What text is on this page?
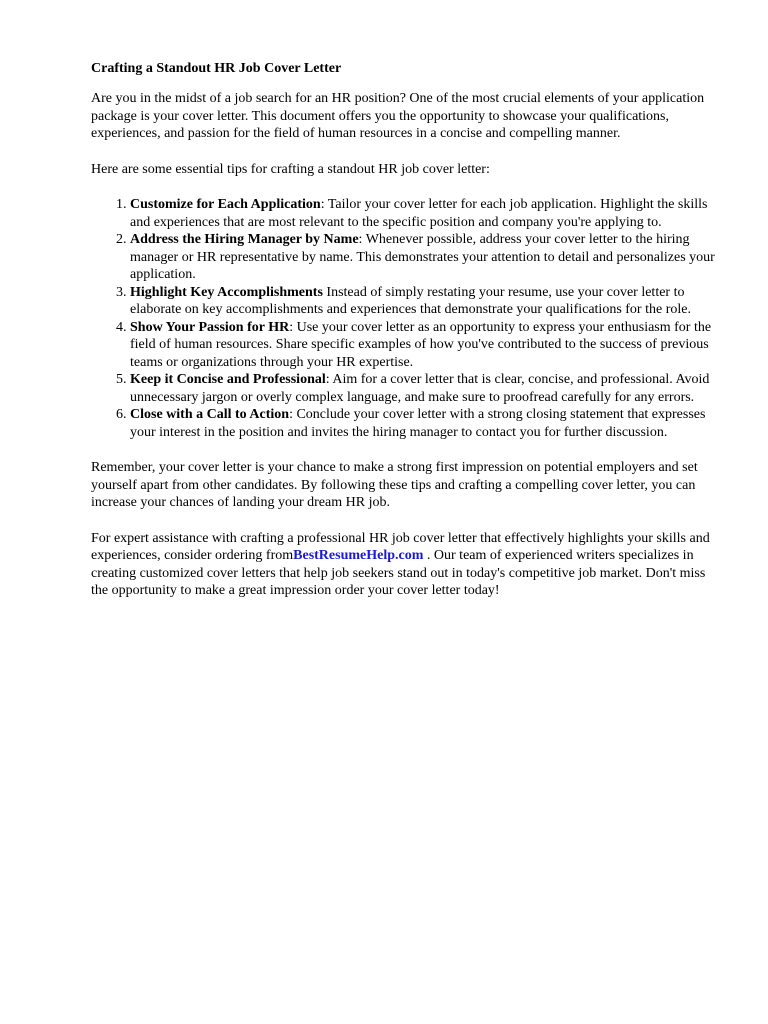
Crafting a Standout HR Job Cover Letter

Are you in the midst of a job search for an HR position? One of the most crucial elements of your application package is your cover letter. This document offers you the opportunity to showcase your qualifications, experiences, and passion for the field of human resources in a concise and compelling manner.

Here are some essential tips for crafting a standout HR job cover letter:

1. Customize for Each Application: Tailor your cover letter for each job application. Highlight the skills and experiences that are most relevant to the specific position and company you're applying to.
2. Address the Hiring Manager by Name: Whenever possible, address your cover letter to the hiring manager or HR representative by name. This demonstrates your attention to detail and personalizes your application.
3. Highlight Key Accomplishments Instead of simply restating your resume, use your cover letter to elaborate on key accomplishments and experiences that demonstrate your qualifications for the role.
4. Show Your Passion for HR: Use your cover letter as an opportunity to express your enthusiasm for the field of human resources. Share specific examples of how you've contributed to the success of previous teams or organizations through your HR expertise.
5. Keep it Concise and Professional: Aim for a cover letter that is clear, concise, and professional. Avoid unnecessary jargon or overly complex language, and make sure to proofread carefully for any errors.
6. Close with a Call to Action: Conclude your cover letter with a strong closing statement that expresses your interest in the position and invites the hiring manager to contact you for further discussion.

Remember, your cover letter is your chance to make a strong first impression on potential employers and set yourself apart from other candidates. By following these tips and crafting a compelling cover letter, you can increase your chances of landing your dream HR job.

For expert assistance with crafting a professional HR job cover letter that effectively highlights your skills and experiences, consider ordering fromBestResumeHelp.com . Our team of experienced writers specializes in creating customized cover letters that help job seekers stand out in today's competitive job market. Don't miss the opportunity to make a great impression order your cover letter today!
